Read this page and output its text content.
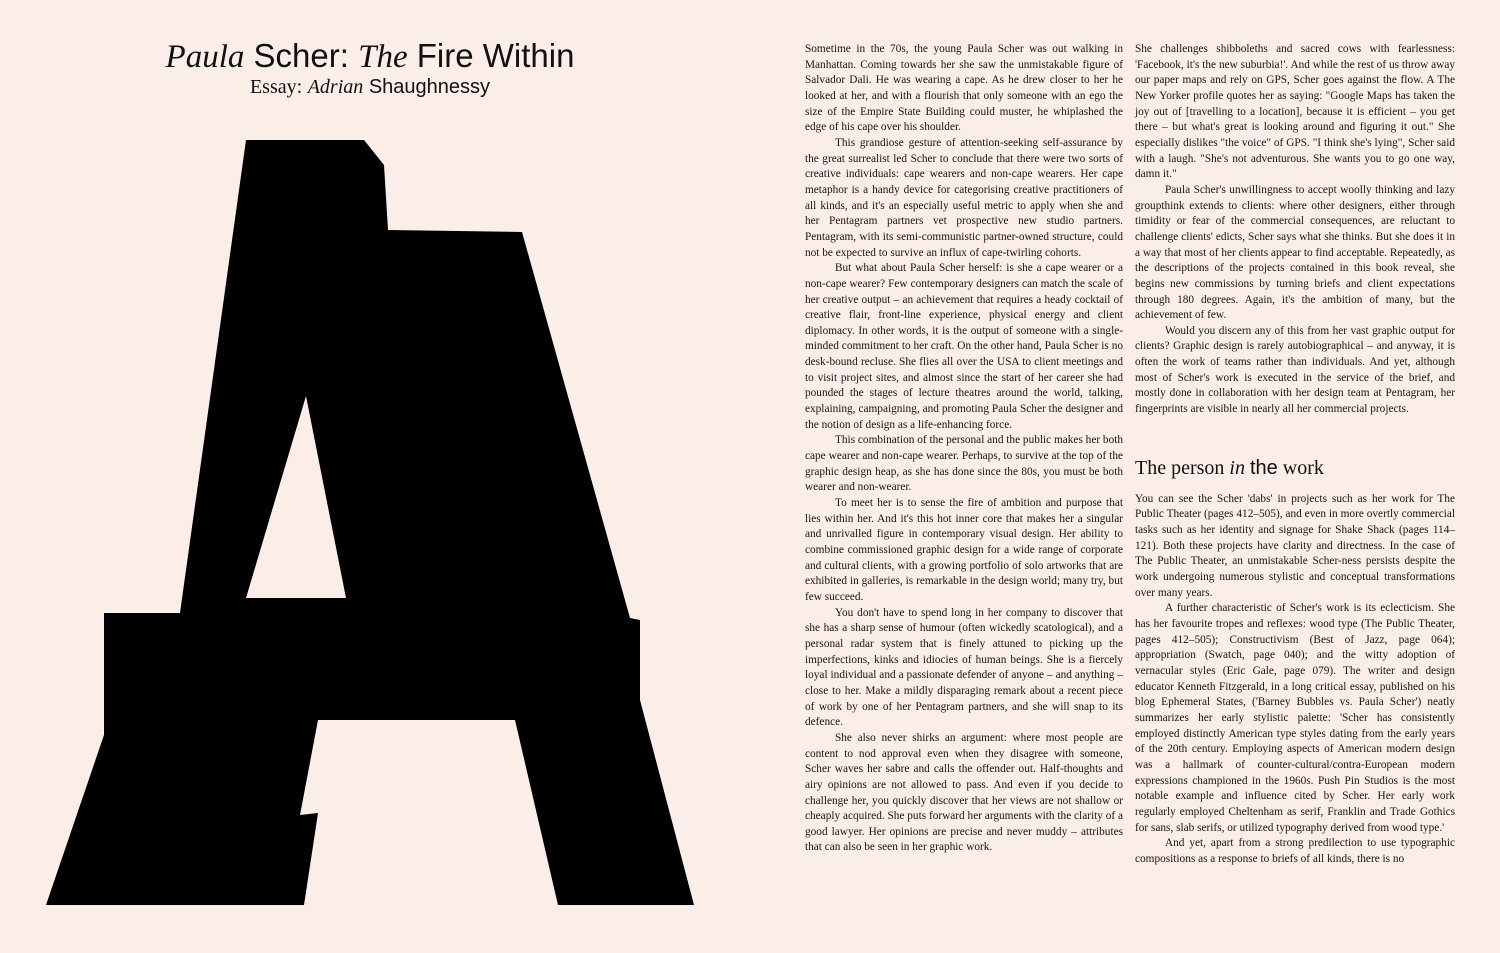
Paula Scher: The Fire Within
Essay: Adrian Shaughnessy

Sometime in the 70s, the young Paula Scher was out walking in Manhattan. Coming towards her she saw the unmistakable figure of Salvador Dali. He was wearing a cape. As he drew closer to her he looked at her, and with a flourish that only someone with an ego the size of the Empire State Building could muster, he whiplashed the edge of his cape over his shoulder.

This grandiose gesture of attention-seeking self-assurance by the great surrealist led Scher to conclude that there were two sorts of creative individuals: cape wearers and non-cape wearers. Her cape metaphor is a handy device for categorising creative practitioners of all kinds, and it's an especially useful metric to apply when she and her Pentagram partners vet prospective new studio partners. Pentagram, with its semi-communistic partner-owned structure, could not be expected to survive an influx of cape-twirling cohorts.

But what about Paula Scher herself: is she a cape wearer or a non-cape wearer? Few contemporary designers can match the scale of her creative output – an achievement that requires a heady cocktail of creative flair, front-line experience, physical energy and client diplomacy. In other words, it is the output of someone with a single-minded commitment to her craft. On the other hand, Paula Scher is no desk-bound recluse. She flies all over the USA to client meetings and to visit project sites, and almost since the start of her career she had pounded the stages of lecture theatres around the world, talking, explaining, campaigning, and promoting Paula Scher the designer and the notion of design as a life-enhancing force.

This combination of the personal and the public makes her both cape wearer and non-cape wearer. Perhaps, to survive at the top of the graphic design heap, as she has done since the 80s, you must be both wearer and non-wearer.

To meet her is to sense the fire of ambition and purpose that lies within her. And it's this hot inner core that makes her a singular and unrivalled figure in contemporary visual design. Her ability to combine commissioned graphic design for a wide range of corporate and cultural clients, with a growing portfolio of solo artworks that are exhibited in galleries, is remarkable in the design world; many try, but few succeed.

You don't have to spend long in her company to discover that she has a sharp sense of humour (often wickedly scatological), and a personal radar system that is finely attuned to picking up the imperfections, kinks and idiocies of human beings. She is a fiercely loyal individual and a passionate defender of anyone – and anything – close to her. Make a mildly disparaging remark about a recent piece of work by one of her Pentagram partners, and she will snap to its defence.

She also never shirks an argument: where most people are content to nod approval even when they disagree with someone, Scher waves her sabre and calls the offender out. Half-thoughts and airy opinions are not allowed to pass. And even if you decide to challenge her, you quickly discover that her views are not shallow or cheaply acquired. She puts forward her arguments with the clarity of a good lawyer. Her opinions are precise and never muddy – attributes that can also be seen in her graphic work.

She challenges shibboleths and sacred cows with fearlessness: 'Facebook, it's the new suburbia!'. And while the rest of us throw away our paper maps and rely on GPS, Scher goes against the flow. A The New Yorker profile quotes her as saying: "Google Maps has taken the joy out of [travelling to a location], because it is efficient – you get there – but what's great is looking around and figuring it out." She especially dislikes "the voice" of GPS. "I think she's lying", Scher said with a laugh. "She's not adventurous. She wants you to go one way, damn it."

Paula Scher's unwillingness to accept woolly thinking and lazy groupthink extends to clients: where other designers, either through timidity or fear of the commercial consequences, are reluctant to challenge clients' edicts, Scher says what she thinks. But she does it in a way that most of her clients appear to find acceptable. Repeatedly, as the descriptions of the projects contained in this book reveal, she begins new commissions by turning briefs and client expectations through 180 degrees. Again, it's the ambition of many, but the achievement of few.

Would you discern any of this from her vast graphic output for clients? Graphic design is rarely autobiographical – and anyway, it is often the work of teams rather than individuals. And yet, although most of Scher's work is executed in the service of the brief, and mostly done in collaboration with her design team at Pentagram, her fingerprints are visible in nearly all her commercial projects.

The person in the work

You can see the Scher 'dabs' in projects such as her work for The Public Theater (pages 412–505), and even in more overtly commercial tasks such as her identity and signage for Shake Shack (pages 114–121). Both these projects have clarity and directness. In the case of The Public Theater, an unmistakable Scher-ness persists despite the work undergoing numerous stylistic and conceptual transformations over many years.

A further characteristic of Scher's work is its eclecticism. She has her favourite tropes and reflexes: wood type (The Public Theater, pages 412–505); Constructivism (Best of Jazz, page 064); appropriation (Swatch, page 040); and the witty adoption of vernacular styles (Eric Gale, page 079). The writer and design educator Kenneth Fitzgerald, in a long critical essay, published on his blog Ephemeral States, ('Barney Bubbles vs. Paula Scher') neatly summarizes her early stylistic palette: 'Scher has consistently employed distinctly American type styles dating from the early years of the 20th century. Employing aspects of American modern design was a hallmark of counter-cultural/contra-European modern expressions championed in the 1960s. Push Pin Studios is the most notable example and influence cited by Scher. Her early work regularly employed Cheltenham as serif, Franklin and Trade Gothics for sans, slab serifs, or utilized typography derived from wood type.'

And yet, apart from a strong predilection to use typographic compositions as a response to briefs of all kinds, there is no
